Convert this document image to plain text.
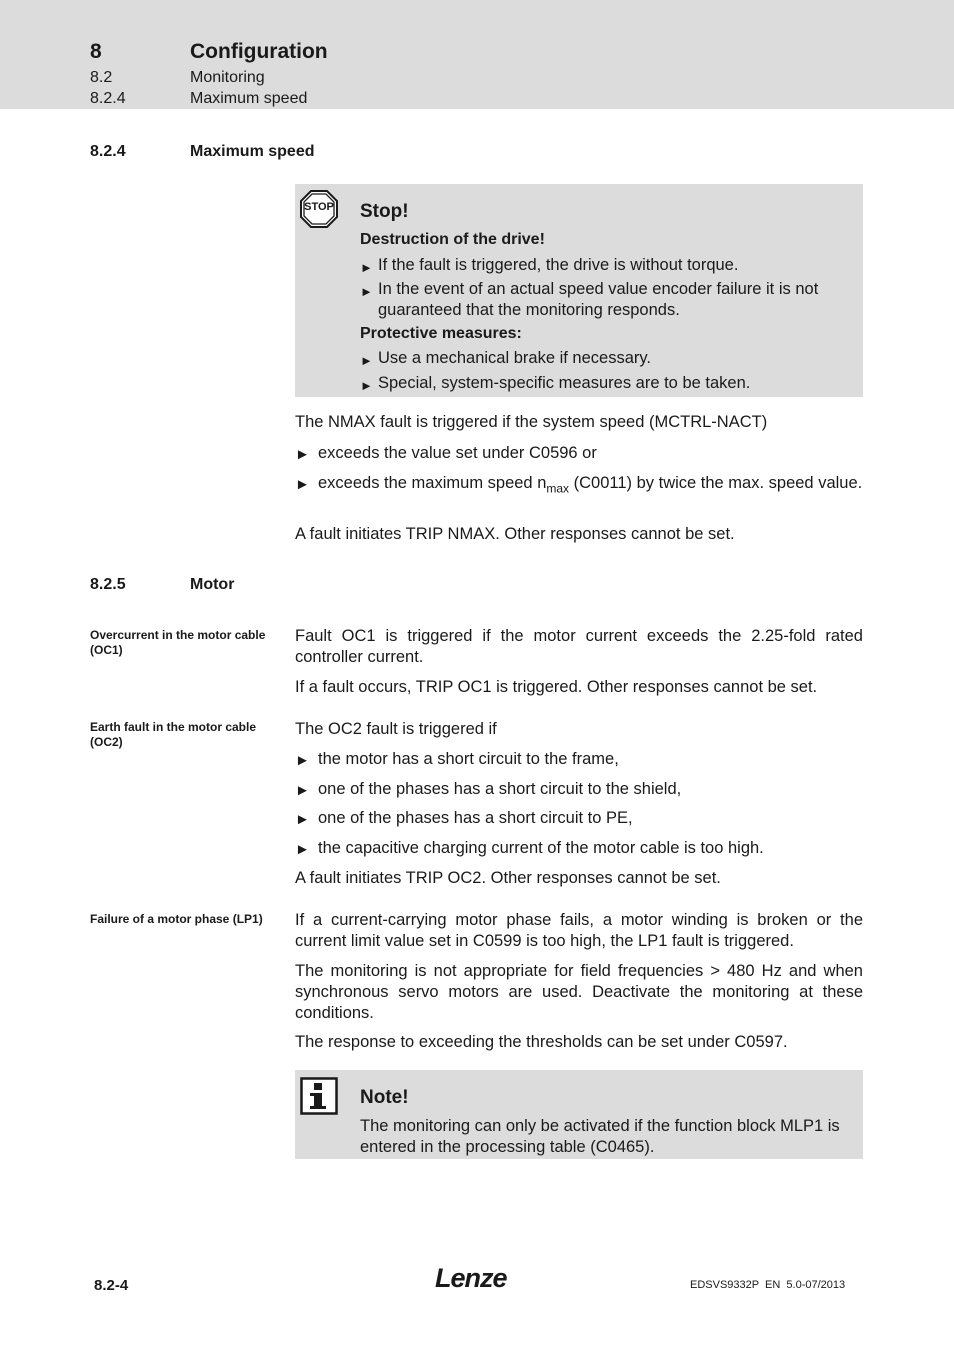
8	Configuration
8.2	Monitoring
8.2.4	Maximum speed
8.2.4	Maximum speed
STOP Stop!
Destruction of the drive!
► If the fault is triggered, the drive is without torque.
► In the event of an actual speed value encoder failure it is not guaranteed that the monitoring responds.
Protective measures:
► Use a mechanical brake if necessary.
► Special, system-specific measures are to be taken.
The NMAX fault is triggered if the system speed (MCTRL-NACT)
► exceeds the value set under C0596 or
► exceeds the maximum speed $n_{max}$ (C0011) by twice the max. speed value.
A fault initiates TRIP NMAX. Other responses cannot be set.
8.2.5	Motor
Overcurrent in the motor cable (OC1)
Fault OC1 is triggered if the motor current exceeds the 2.25-fold rated controller current.
If a fault occurs, TRIP OC1 is triggered. Other responses cannot be set.
Earth fault in the motor cable (OC2)
The OC2 fault is triggered if
► the motor has a short circuit to the frame,
► one of the phases has a short circuit to the shield,
► one of the phases has a short circuit to PE,
► the capacitive charging current of the motor cable is too high.
A fault initiates TRIP OC2. Other responses cannot be set.
Failure of a motor phase (LP1)	If a current-carrying motor phase fails, a motor winding is broken or the current limit value set in C0599 is too high, the LP1 fault is triggered.
The monitoring is not appropriate for field frequencies > 480 Hz and when synchronous servo motors are used. Deactivate the monitoring at these conditions.
The response to exceeding the thresholds can be set under C0597.
Note!
The monitoring can only be activated if the function block MLP1 is entered in the processing table (C0465).
8.2-4	Lenze	EDSVS9332P  EN  5.0-07/2013
